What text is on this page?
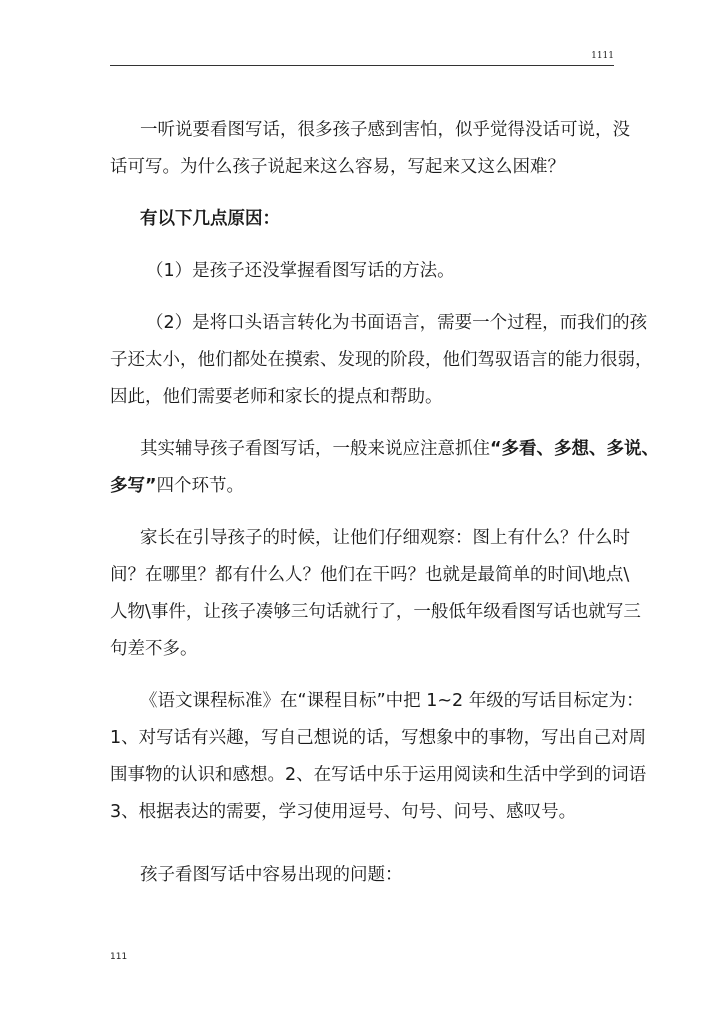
1111
一听说要看图写话，很多孩子感到害怕，似乎觉得没话可说，没
话可写。为什么孩子说起来这么容易，写起来又这么困难？
有以下几点原因：
（1）是孩子还没掌握看图写话的方法。
（2）是将口头语言转化为书面语言，需要一个过程，而我们的孩
子还太小，他们都处在摸索、发现的阶段，他们驾驭语言的能力很弱，
因此，他们需要老师和家长的提点和帮助。
其实辅导孩子看图写话，一般来说应注意抓住“多看、多想、多说、
多写”四个环节。
家长在引导孩子的时候，让他们仔细观察：图上有什么？什么时
间？在哪里？都有什么人？他们在干吗？也就是最简单的时间\地点\
人物\事件，让孩子凑够三句话就行了，一般低年级看图写话也就写三
句差不多。
《语文课程标准》在“课程目标”中把 1~2 年级的写话目标定为：
1、对写话有兴趣，写自己想说的话，写想象中的事物，写出自己对周
围事物的认识和感想。2、在写话中乐于运用阅读和生活中学到的词语
3、根据表达的需要，学习使用逗号、句号、问号、感叹号。
孩子看图写话中容易出现的问题：
111
